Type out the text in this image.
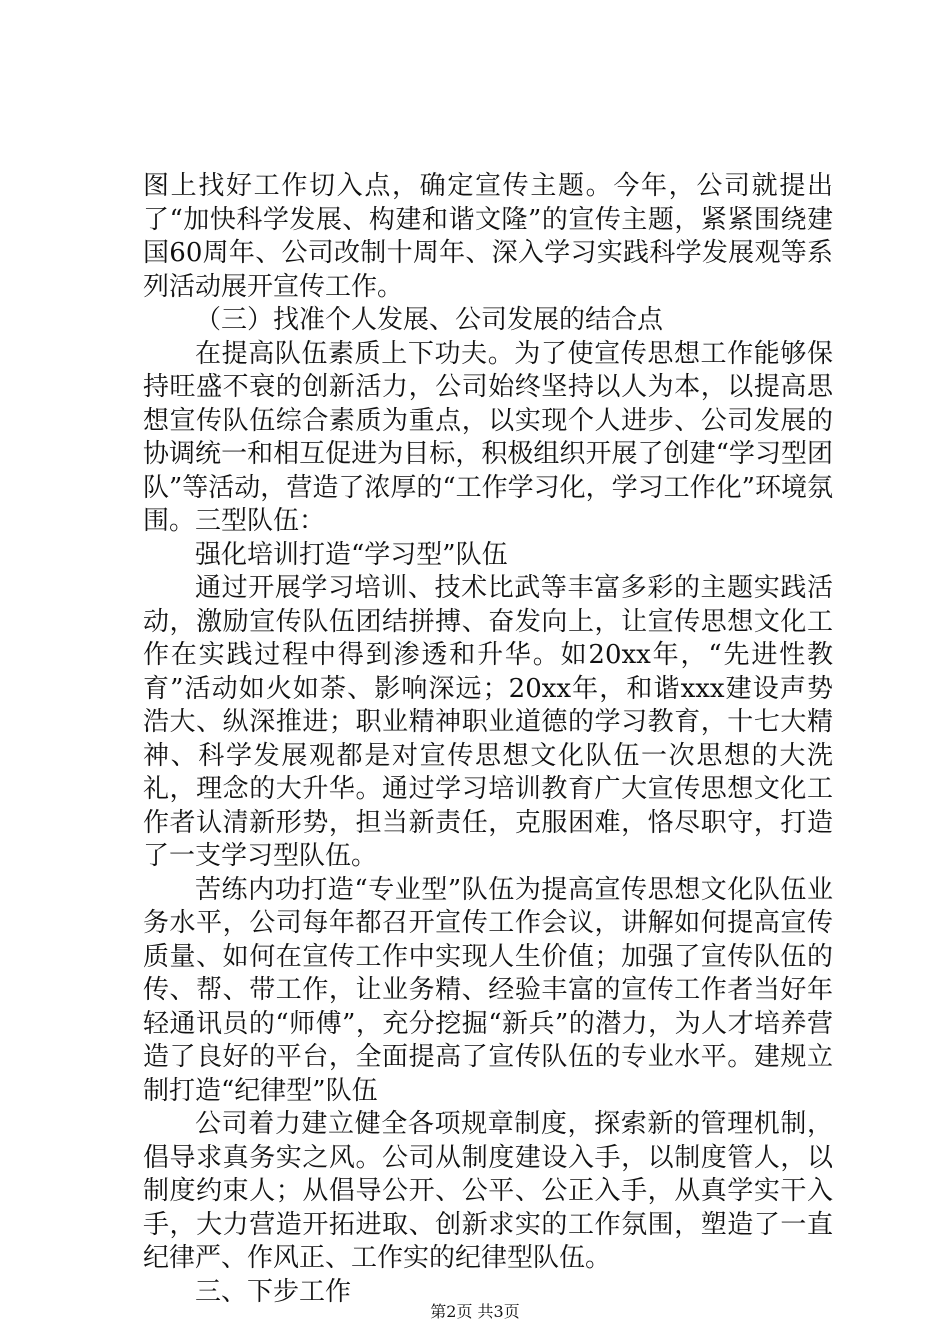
图上找好工作切入点，确定宣传主题。今年，公司就提出了“加快科学发展、构建和谐文隆”的宣传主题，紧紧围绕建国60周年、公司改制十周年、深入学习实践科学发展观等系列活动展开宣传工作。

（三）找准个人发展、公司发展的结合点

在提高队伍素质上下功夫。为了使宣传思想工作能够保持旺盛不衰的创新活力，公司始终坚持以人为本，以提高思想宣传队伍综合素质为重点，以实现个人进步、公司发展的协调统一和相互促进为目标，积极组织开展了创建“学习型团队”等活动，营造了浓厚的“工作学习化，学习工作化”环境氛围。三型队伍：

强化培训打造“学习型”队伍

通过开展学习培训、技术比武等丰富多彩的主题实践活动，激励宣传队伍团结拼搏、奋发向上，让宣传思想文化工作在实践过程中得到渗透和升华。如20xx年，“先进性教育”活动如火如荼、影响深远；20xx年，和谐xxx建设声势浩大、纵深推进；职业精神职业道德的学习教育，十七大精神、科学发展观都是对宣传思想文化队伍一次思想的大洗礼，理念的大升华。通过学习培训教育广大宣传思想文化工作者认清新形势，担当新责任，克服困难，恪尽职守，打造了一支学习型队伍。

苦练内功打造“专业型”队伍为提高宣传思想文化队伍业务水平，公司每年都召开宣传工作会议，讲解如何提高宣传质量、如何在宣传工作中实现人生价值；加强了宣传队伍的传、帮、带工作，让业务精、经验丰富的宣传工作者当好年轻通讯员的“师傅”，充分挖掘“新兵”的潜力，为人才培养营造了良好的平台，全面提高了宣传队伍的专业水平。建规立制打造“纪律型”队伍

公司着力建立健全各项规章制度，探索新的管理机制，倡导求真务实之风。公司从制度建设入手，以制度管人，以制度约束人；从倡导公开、公平、公正入手，从真学实干入手，大力营造开拓进取、创新求实的工作氛围，塑造了一直纪律严、作风正、工作实的纪律型队伍。

三、下步工作

第2页 共3页
